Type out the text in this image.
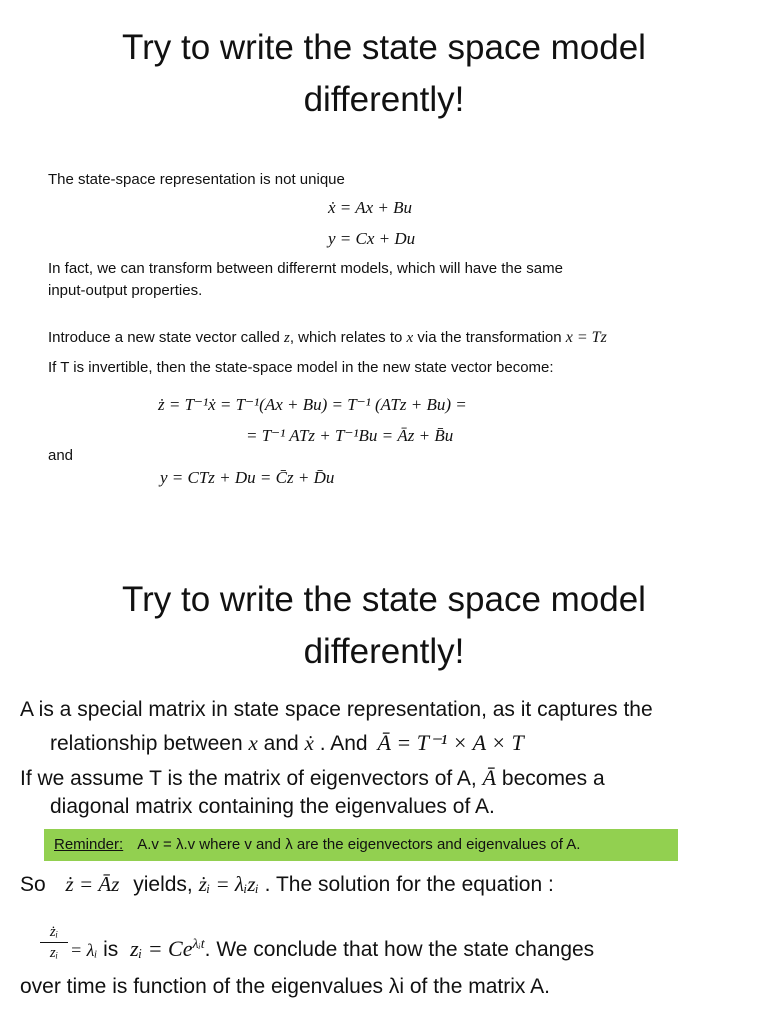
Try to write the state space model
differently!
The state-space representation is not unique
ẋ = Ax + Bu
y = Cx + Du
In fact, we can transform between differernt models, which will have the same
input-output properties.
Introduce a new state vector called z, which relates to x via the transformation x = Tz
If T is invertible, then the state-space model in the new state vector become:
ż = T⁻¹ẋ = T⁻¹(Ax + Bu) = T⁻¹ (ATz + Bu) =
= T⁻¹ ATz + T⁻¹Bu = Āz + B̄u
and
y = CTz + Du = C̄z + D̄u
Try to write the state space model
differently!
A is a special matrix in state space representation, as it captures the
relationship between x and ẋ . And Ā = T⁻¹ × A × T
If we assume T is the matrix of eigenvectors of A, Ā becomes a
diagonal matrix containing the eigenvalues of A.
Reminder: A.v = λ.v where v and λ are the eigenvectors and eigenvalues of A.
So ż = Āz yields, żᵢ = λᵢzᵢ . The solution for the equation :
żᵢ
zᵢ = λᵢ is zᵢ = $Ce^{\lambda ᵢt}$. We conclude that how the state changes
over time is function of the eigenvalues λi of the matrix A.
